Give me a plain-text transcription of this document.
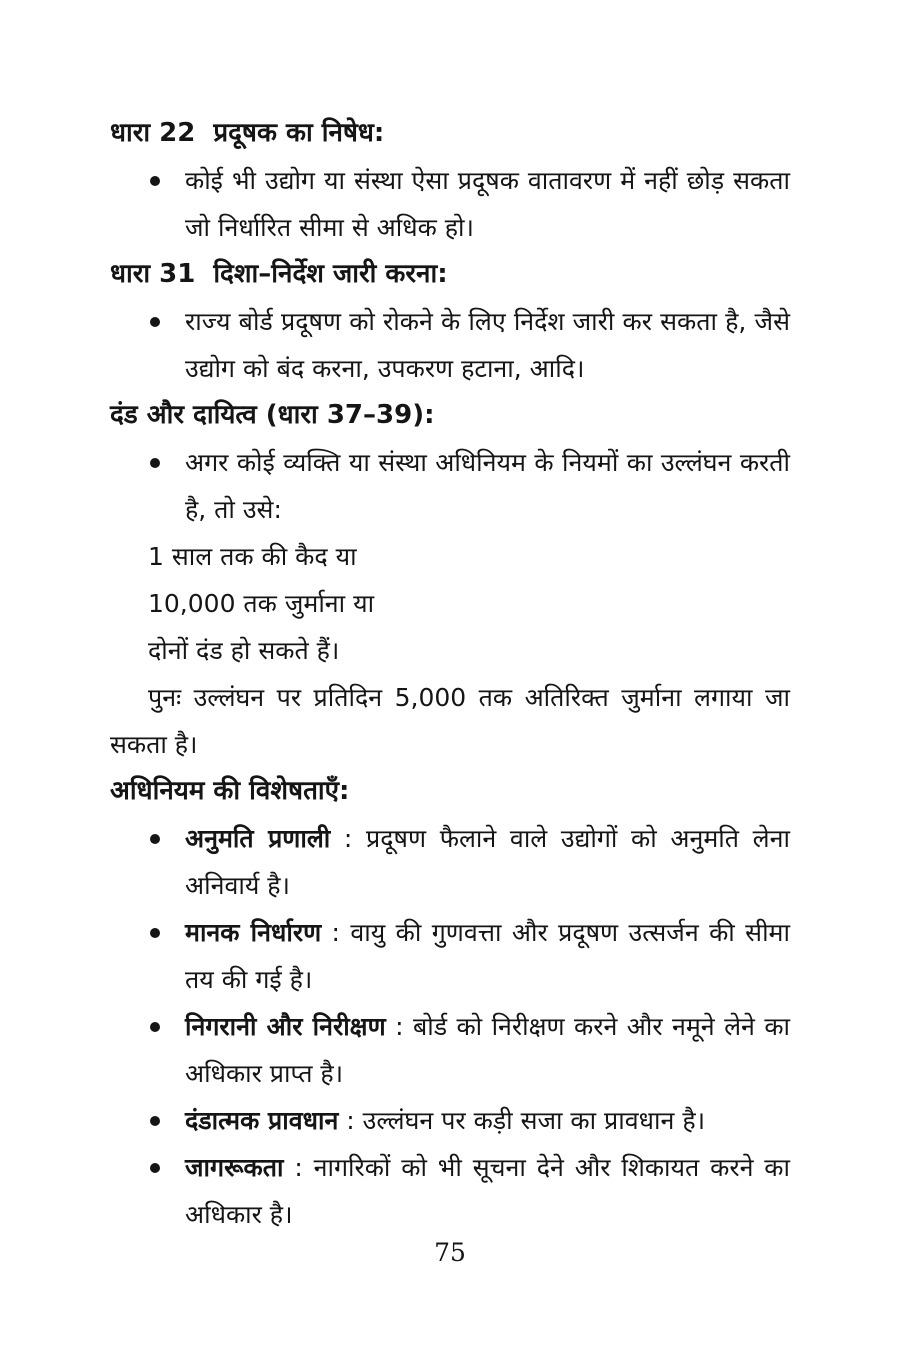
धारा 22 प्रदूषक का निषेध:

कोई भी उद्योग या संस्था ऐसा प्रदूषक वातावरण में नहीं छोड़ सकता जो निर्धारित सीमा से अधिक हो।

धारा 31 दिशा–निर्देश जारी करना:

राज्य बोर्ड प्रदूषण को रोकने के लिए निर्देश जारी कर सकता है, जैसे उद्योग को बंद करना, उपकरण हटाना, आदि।

दंड और दायित्व (धारा 37–39):

अगर कोई व्यक्ति या संस्था अधिनियम के नियमों का उल्लंघन करती है, तो उसे:

1 साल तक की कैद या

10,000 तक जुर्माना या

दोनों दंड हो सकते हैं।

पुनः उल्लंघन पर प्रतिदिन 5,000 तक अतिरिक्त जुर्माना लगाया जा सकता है।

अधिनियम की विशेषताएँ:

अनुमति प्रणाली : प्रदूषण फैलाने वाले उद्योगों को अनुमति लेना अनिवार्य है।

मानक निर्धारण : वायु की गुणवत्ता और प्रदूषण उत्सर्जन की सीमा तय की गई है।

निगरानी और निरीक्षण : बोर्ड को निरीक्षण करने और नमूने लेने का अधिकार प्राप्त है।

दंडात्मक प्रावधान : उल्लंघन पर कड़ी सजा का प्रावधान है।

जागरूकता : नागरिकों को भी सूचना देने और शिकायत करने का अधिकार है।

75
